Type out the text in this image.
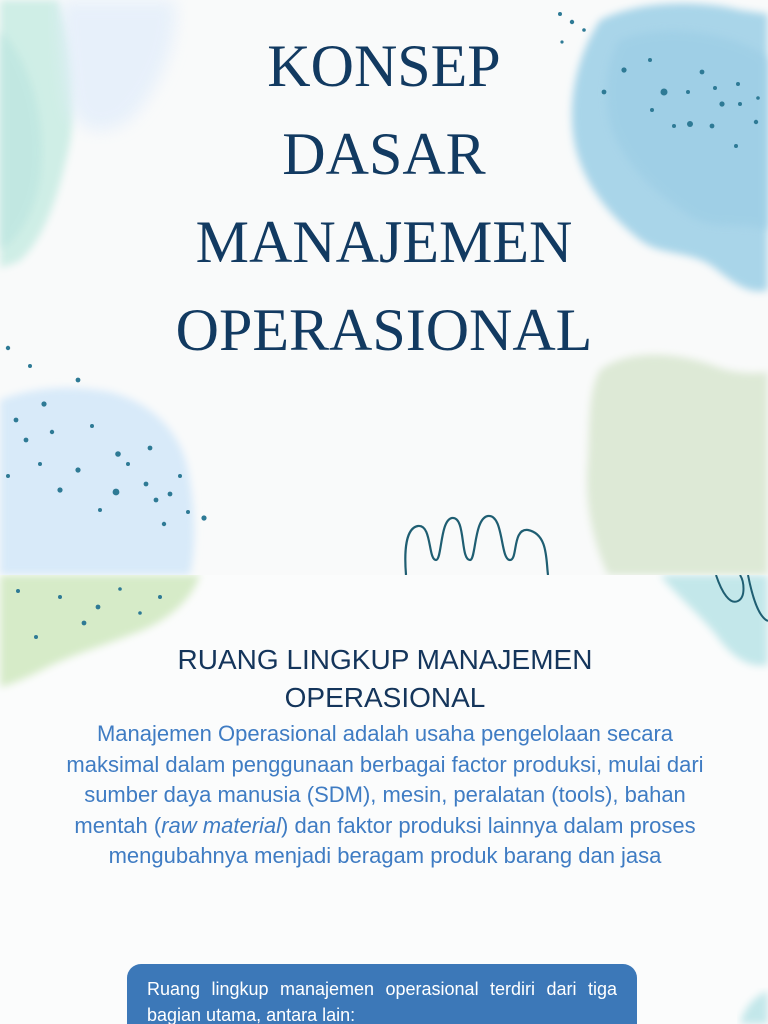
KONSEP
DASAR
MANAJEMEN
OPERASIONAL
RUANG LINGKUP MANAJEMEN
OPERASIONAL

Manajemen Operasional adalah usaha pengelolaan secara maksimal dalam penggunaan berbagai factor produksi, mulai dari sumber daya manusia (SDM), mesin, peralatan (tools), bahan mentah (raw material) dan faktor produksi lainnya dalam proses mengubahnya menjadi beragam produk barang dan jasa

Ruang lingkup manajemen operasional terdiri dari tiga bagian utama, antara lain:
